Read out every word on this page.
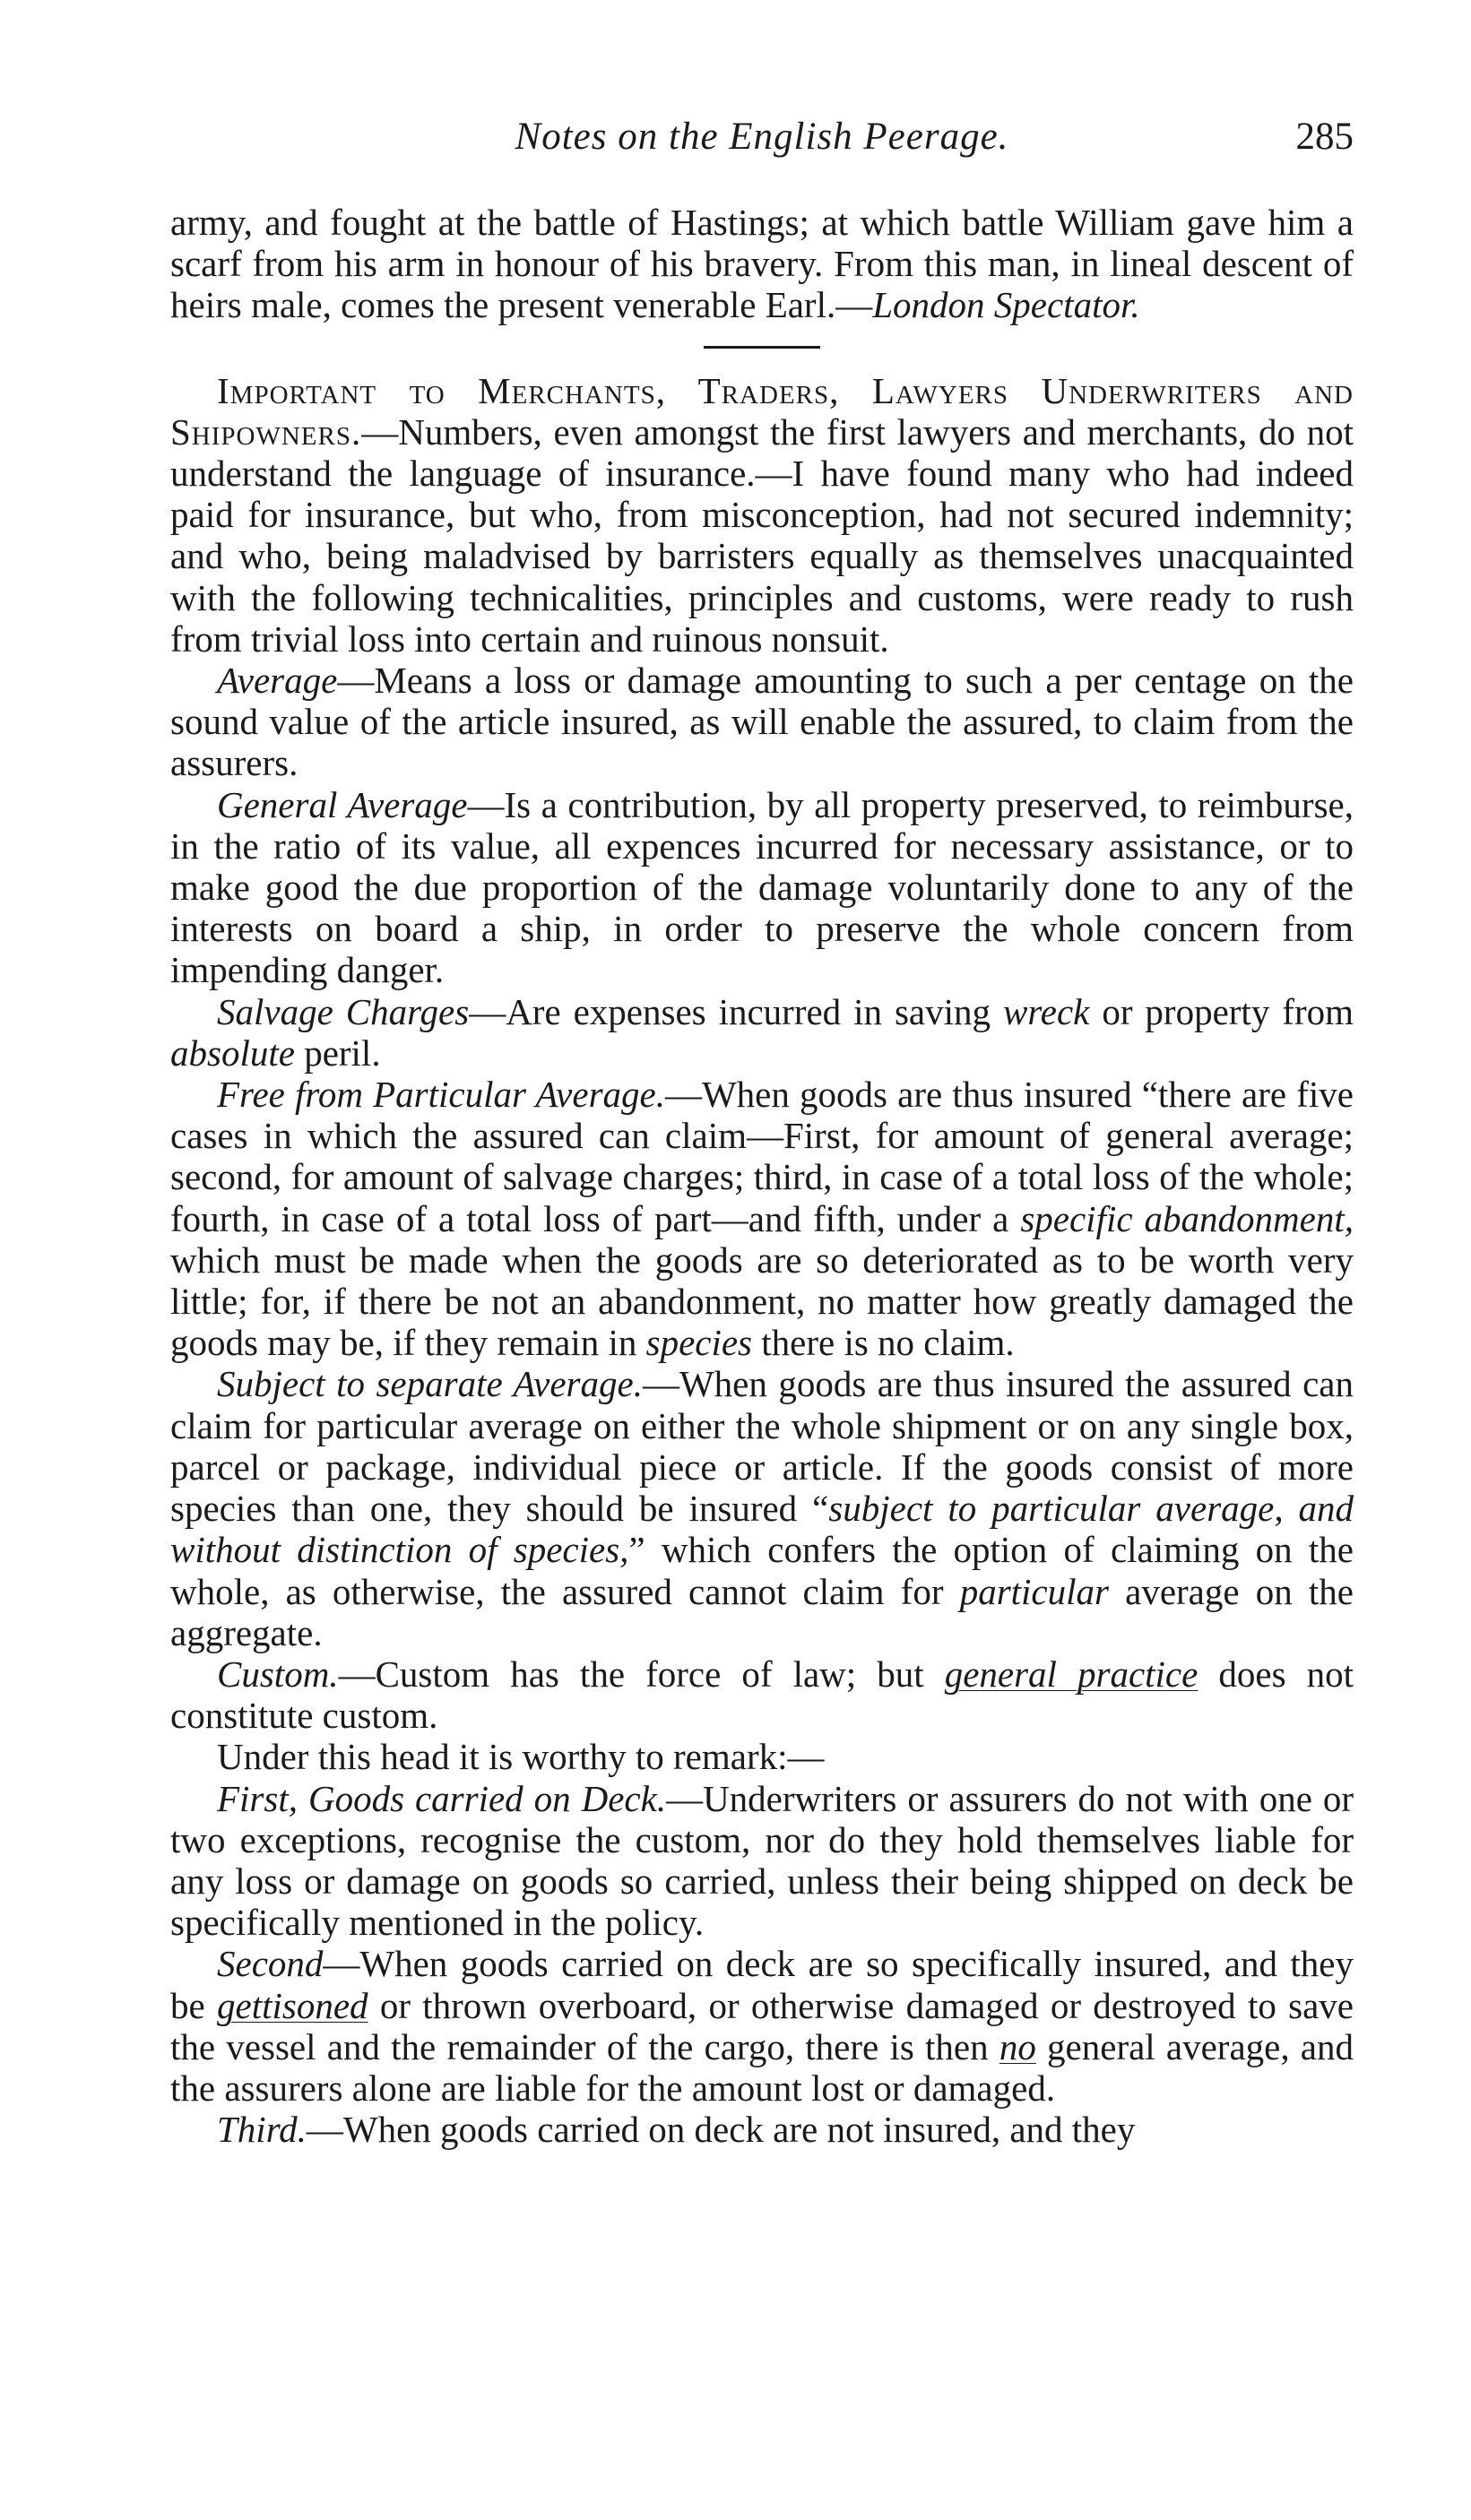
Notes on the English Peerage.	285

army, and fought at the battle of Hastings; at which battle William gave him a scarf from his arm in honour of his bravery. From this man, in lineal descent of heirs male, comes the present venerable Earl.—London Spectator.

Important to Merchants, Traders, Lawyers Underwriters and Shipowners.—Numbers, even amongst the first lawyers and merchants, do not understand the language of insurance.—I have found many who had indeed paid for insurance, but who, from misconception, had not secured indemnity; and who, being maladvised by barristers equally as themselves unacquainted with the following technicalities, principles and customs, were ready to rush from trivial loss into certain and ruinous nonsuit.

Average—Means a loss or damage amounting to such a per centage on the sound value of the article insured, as will enable the assured, to claim from the assurers.

General Average—Is a contribution, by all property preserved, to reimburse, in the ratio of its value, all expences incurred for necessary assistance, or to make good the due proportion of the damage voluntarily done to any of the interests on board a ship, in order to preserve the whole concern from impending danger.

Salvage Charges—Are expenses incurred in saving wreck or property from absolute peril.

Free from Particular Average.—When goods are thus insured “there are five cases in which the assured can claim—First, for amount of general average; second, for amount of salvage charges; third, in case of a total loss of the whole; fourth, in case of a total loss of part—and fifth, under a specific abandonment, which must be made when the goods are so deteriorated as to be worth very little; for, if there be not an abandonment, no matter how greatly damaged the goods may be, if they remain in species there is no claim.

Subject to separate Average.—When goods are thus insured the assured can claim for particular average on either the whole shipment or on any single box, parcel or package, individual piece or article. If the goods consist of more species than one, they should be insured “subject to particular average, and without distinction of species,” which confers the option of claiming on the whole, as otherwise, the assured cannot claim for particular average on the aggregate.

Custom.—Custom has the force of law; but general practice does not constitute custom.

Under this head it is worthy to remark:—

First, Goods carried on Deck.—Underwriters or assurers do not with one or two exceptions, recognise the custom, nor do they hold themselves liable for any loss or damage on goods so carried, unless their being shipped on deck be specifically mentioned in the policy.

Second—When goods carried on deck are so specifically insured, and they be gettisoned or thrown overboard, or otherwise damaged or destroyed to save the vessel and the remainder of the cargo, there is then no general average, and the assurers alone are liable for the amount lost or damaged.

Third.—When goods carried on deck are not insured, and they
